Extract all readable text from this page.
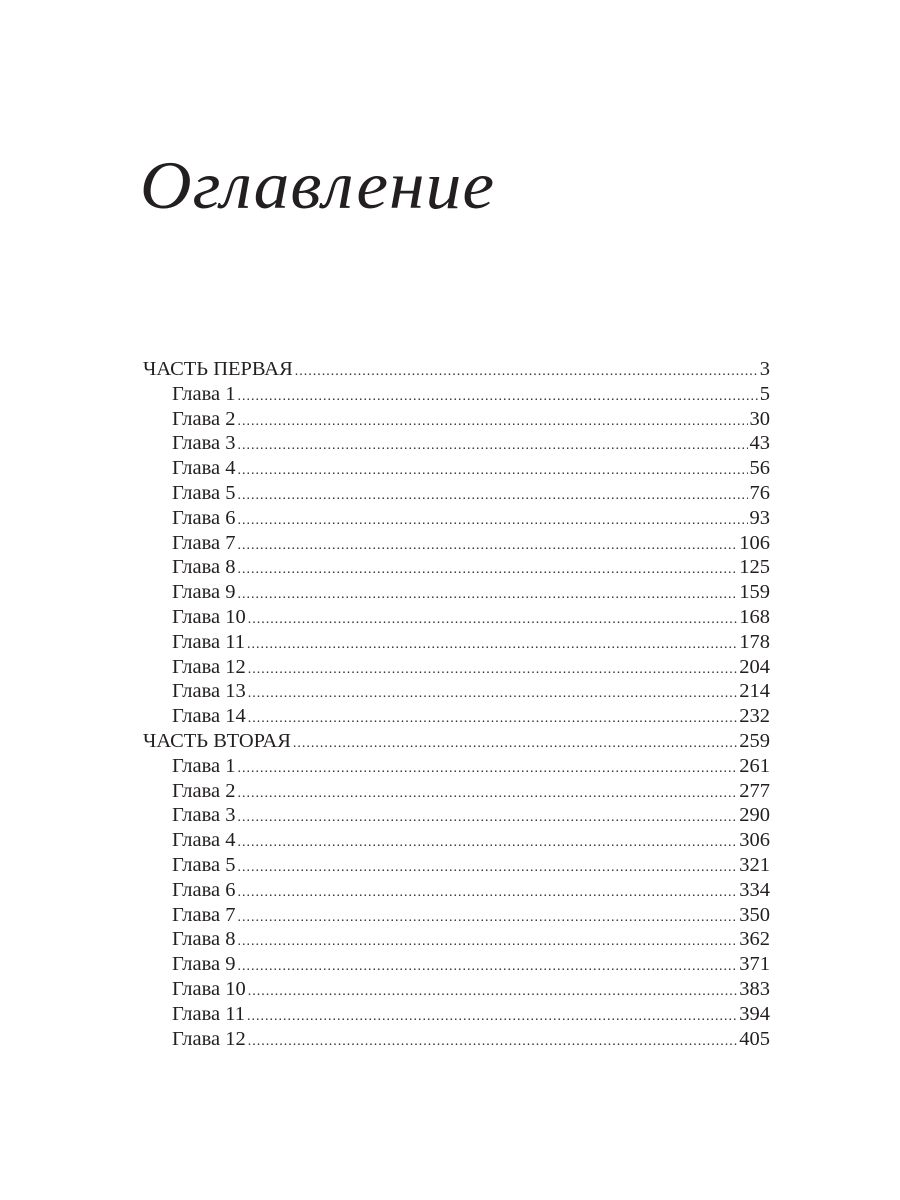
Оглавление
ЧАСТЬ ПЕРВАЯ .....	3
Глава 1 .....	5
Глава 2 .....	30
Глава 3 .....	43
Глава 4 .....	56
Глава 5 .....	76
Глава 6 .....	93
Глава 7 .....	106
Глава 8 .....	125
Глава 9 .....	159
Глава 10 .....	168
Глава 11 .....	178
Глава 12 .....	204
Глава 13 .....	214
Глава 14 .....	232
ЧАСТЬ ВТОРАЯ .....	259
Глава 1 .....	261
Глава 2 .....	277
Глава 3 .....	290
Глава 4 .....	306
Глава 5 .....	321
Глава 6 .....	334
Глава 7 .....	350
Глава 8 .....	362
Глава 9 .....	371
Глава 10 .....	383
Глава 11 .....	394
Глава 12 .....	405
